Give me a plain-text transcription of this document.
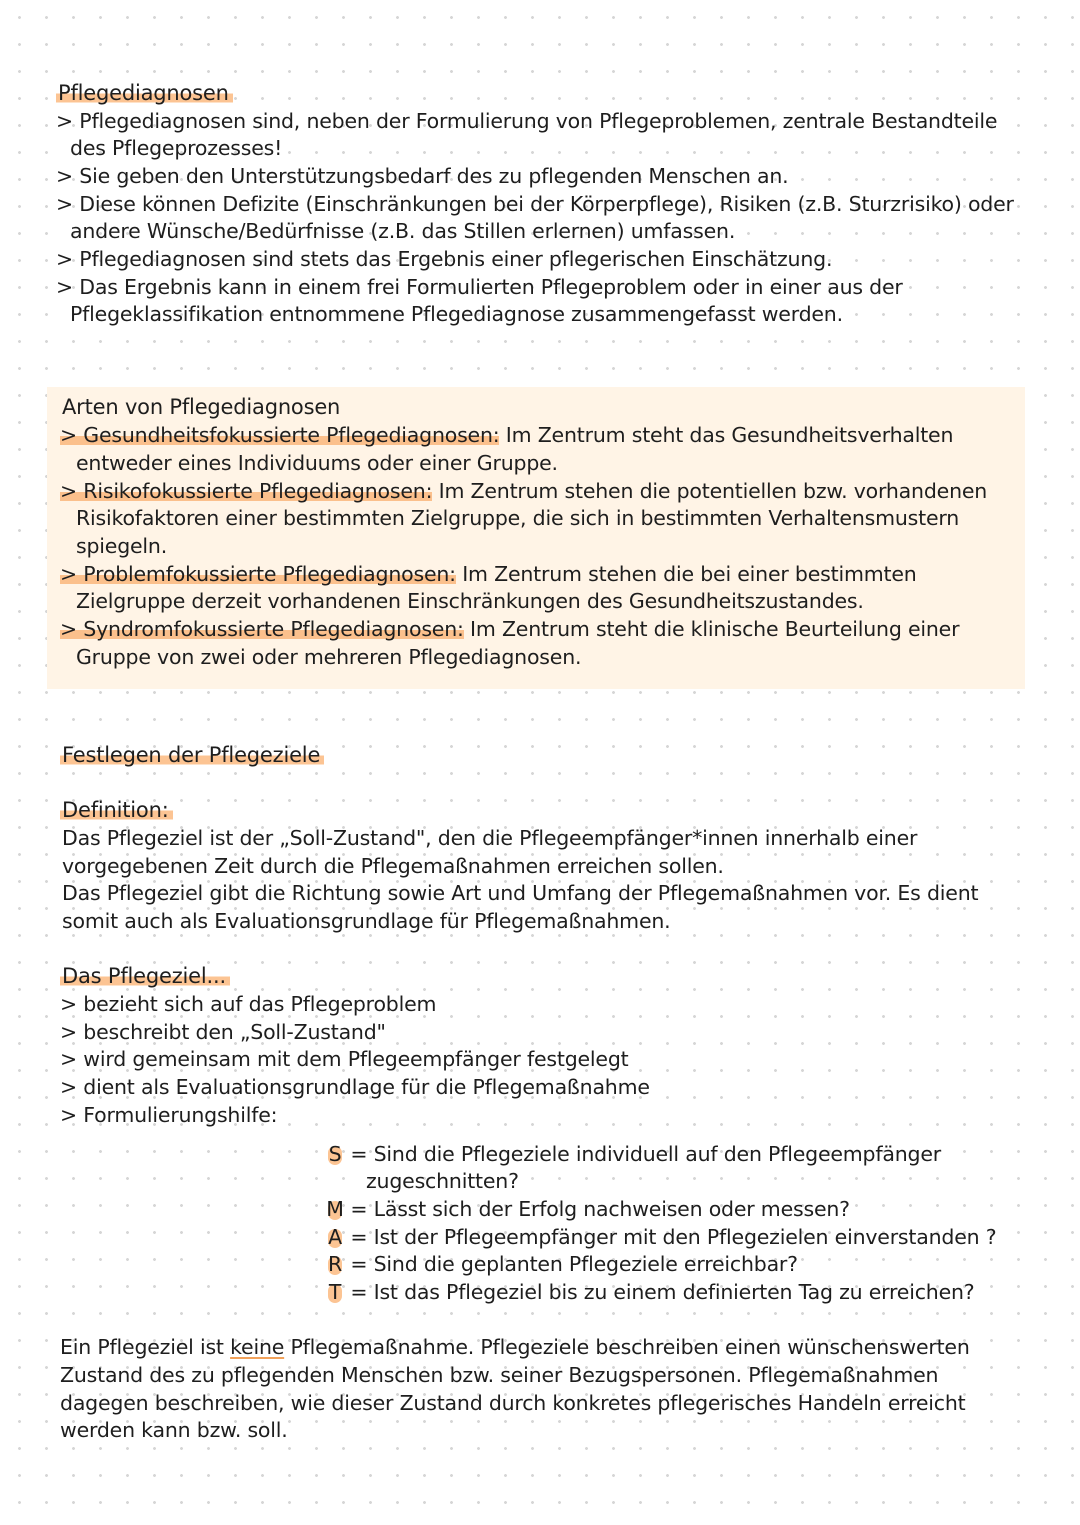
Pflegediagnosen
> Pflegediagnosen sind, neben der Formulierung von Pflegeproblemen, zentrale Bestandteile
des Pflegeprozesses!
> Sie geben den Unterstützungsbedarf des zu pflegenden Menschen an.
> Diese können Defizite (Einschränkungen bei der Körperpflege), Risiken (z.B. Sturzrisiko) oder
andere Wünsche/Bedürfnisse (z.B. das Stillen erlernen) umfassen.
> Pflegediagnosen sind stets das Ergebnis einer pflegerischen Einschätzung.
> Das Ergebnis kann in einem frei Formulierten Pflegeproblem oder in einer aus der
Pflegeklassifikation entnommene Pflegediagnose zusammengefasst werden.
Arten von Pflegediagnosen
> Gesundheitsfokussierte Pflegediagnosen: Im Zentrum steht das Gesundheitsverhalten
entweder eines Individuums oder einer Gruppe.
> Risikofokussierte Pflegediagnosen: Im Zentrum stehen die potentiellen bzw. vorhandenen
Risikofaktoren einer bestimmten Zielgruppe, die sich in bestimmten Verhaltensmustern
spiegeln.
> Problemfokussierte Pflegediagnosen: Im Zentrum stehen die bei einer bestimmten
Zielgruppe derzeit vorhandenen Einschränkungen des Gesundheitszustandes.
> Syndromfokussierte Pflegediagnosen: Im Zentrum steht die klinische Beurteilung einer
Gruppe von zwei oder mehreren Pflegediagnosen.
Festlegen der Pflegeziele
Definition:
Das Pflegeziel ist der „Soll-Zustand", den die Pflegeempfänger*innen innerhalb einer
vorgegebenen Zeit durch die Pflegemaßnahmen erreichen sollen.
Das Pflegeziel gibt die Richtung sowie Art und Umfang der Pflegemaßnahmen vor. Es dient
somit auch als Evaluationsgrundlage für Pflegemaßnahmen.
Das Pflegeziel...
> bezieht sich auf das Pflegeproblem
> beschreibt den „Soll-Zustand"
> wird gemeinsam mit dem Pflegeempfänger festgelegt
> dient als Evaluationsgrundlage für die Pflegemaßnahme
> Formulierungshilfe:
S = Sind die Pflegeziele individuell auf den Pflegeempfänger
zugeschnitten?
M = Lässt sich der Erfolg nachweisen oder messen?
A = Ist der Pflegeempfänger mit den Pflegezielen einverstanden ?
R = Sind die geplanten Pflegeziele erreichbar?
T = Ist das Pflegeziel bis zu einem definierten Tag zu erreichen?
Ein Pflegeziel ist keine Pflegemaßnahme. Pflegeziele beschreiben einen wünschenswerten
Zustand des zu pflegenden Menschen bzw. seiner Bezugspersonen. Pflegemaßnahmen
dagegen beschreiben, wie dieser Zustand durch konkretes pflegerisches Handeln erreicht
werden kann bzw. soll.
